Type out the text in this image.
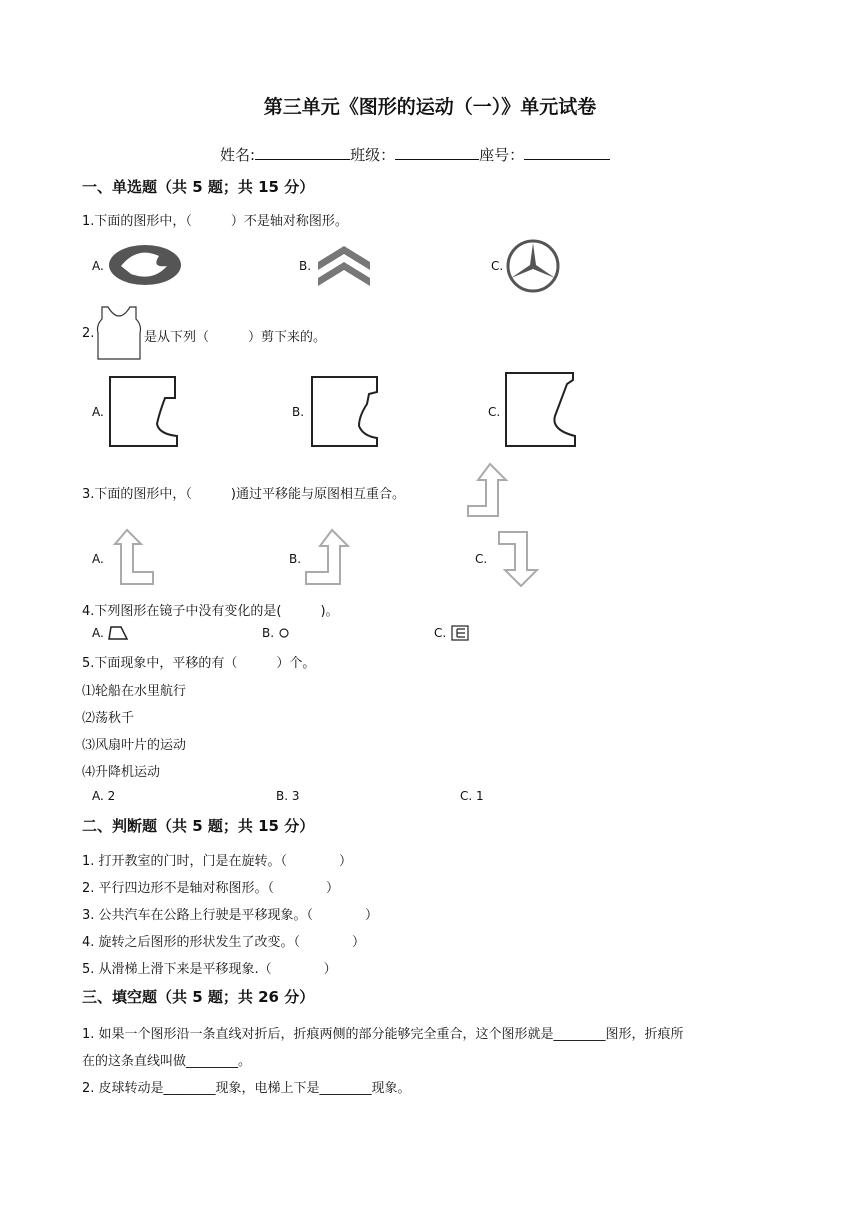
第三单元《图形的运动（一）》单元试卷
姓名:	班级：	座号：
一、单选题（共 5 题；共 15 分）
1.下面的图形中，（　　　）不是轴对称图形。
A.	B.	C.
2.	是从下列（　　　）剪下来的。
A.	B.	C.
3.下面的图形中，（　　　)通过平移能与原图相互重合。
A.	B.	C.
4.下列图形在镜子中没有变化的是(　　　)。
A.	B.	C.
5.下面现象中，平移的有（　　　）个。
⑴轮船在水里航行
⑵荡秋千
⑶风扇叶片的运动
⑷升降机运动
A. 2	B. 3	C. 1
二、判断题（共 5 题；共 15 分）
1. 打开教室的门时，门是在旋转。（　　　　）
2. 平行四边形不是轴对称图形。（　　　　）
3. 公共汽车在公路上行驶是平移现象。（　　　　）
4. 旋转之后图形的形状发生了改变。（　　　　）
5. 从滑梯上滑下来是平移现象.（　　　　）
三、填空题（共 5 题；共 26 分）
1. 如果一个图形沿一条直线对折后，折痕两侧的部分能够完全重合，这个图形就是________图形，折痕所
在的这条直线叫做________。
2. 皮球转动是________现象，电梯上下是________现象。
